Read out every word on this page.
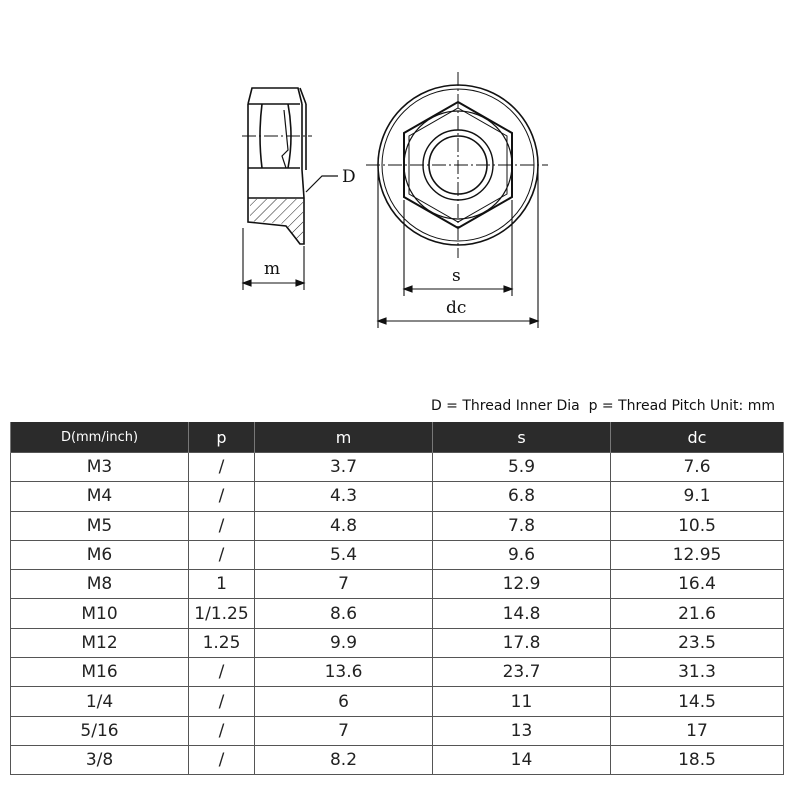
D
m	s
dc
D = Thread Inner Dia  p = Thread Pitch Unit: mm
D(mm/inch)	p	m	s	dc
M3	/	3.7	5.9	7.6
M4	/	4.3	6.8	9.1
M5	/	4.8	7.8	10.5
M6	/	5.4	9.6	12.95
M8	1	7	12.9	16.4
M10	1/1.25	8.6	14.8	21.6
M12	1.25	9.9	17.8	23.5
M16	/	13.6	23.7	31.3
1/4	/	6	11	14.5
5/16	/	7	13	17
3/8	/	8.2	14	18.5
